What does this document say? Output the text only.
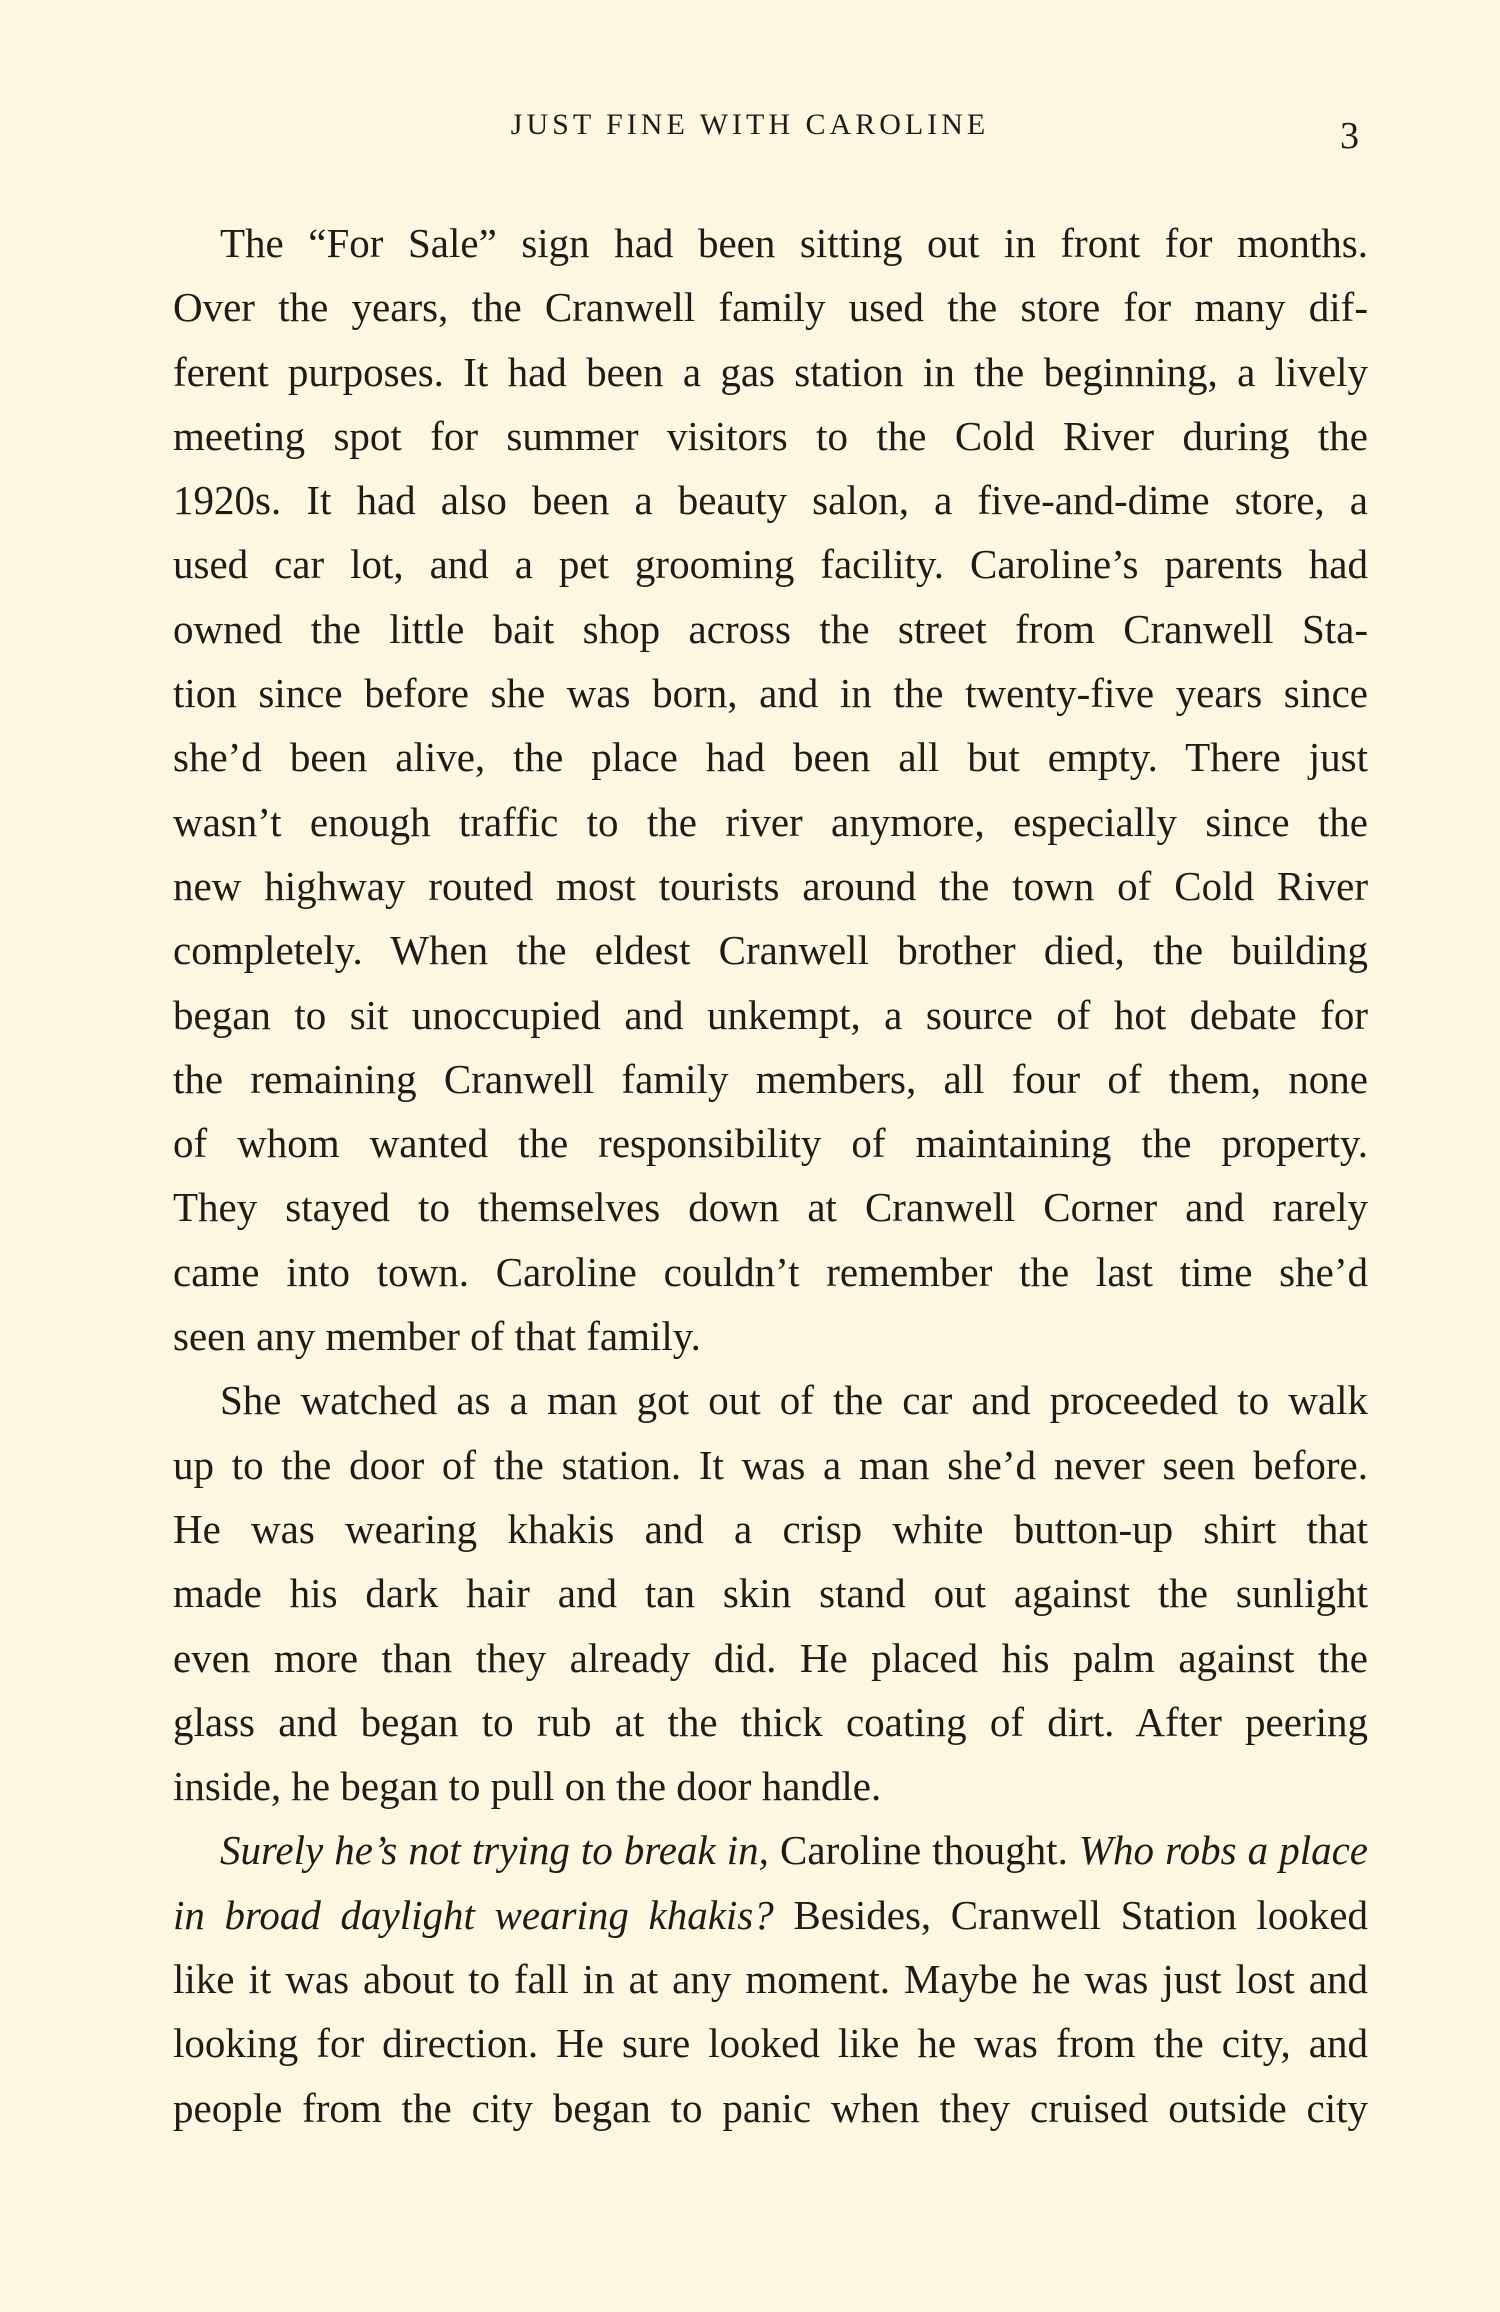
JUST FINE WITH CAROLINE	3
The “For Sale” sign had been sitting out in front for months.
Over the years, the Cranwell family used the store for many dif-
ferent purposes. It had been a gas station in the beginning, a lively
meeting spot for summer visitors to the Cold River during the
1920s. It had also been a beauty salon, a five-and-dime store, a
used car lot, and a pet grooming facility. Caroline’s parents had
owned the little bait shop across the street from Cranwell Sta-
tion since before she was born, and in the twenty-five years since
she’d been alive, the place had been all but empty. There just
wasn’t enough traffic to the river anymore, especially since the
new highway routed most tourists around the town of Cold River
completely. When the eldest Cranwell brother died, the building
began to sit unoccupied and unkempt, a source of hot debate for
the remaining Cranwell family members, all four of them, none
of whom wanted the responsibility of maintaining the property.
They stayed to themselves down at Cranwell Corner and rarely
came into town. Caroline couldn’t remember the last time she’d
seen any member of that family.
She watched as a man got out of the car and proceeded to walk
up to the door of the station. It was a man she’d never seen before.
He was wearing khakis and a crisp white button-up shirt that
made his dark hair and tan skin stand out against the sunlight
even more than they already did. He placed his palm against the
glass and began to rub at the thick coating of dirt. After peering
inside, he began to pull on the door handle.
Surely he’s not trying to break in, Caroline thought. Who robs a place
in broad daylight wearing khakis? Besides, Cranwell Station looked
like it was about to fall in at any moment. Maybe he was just lost and
looking for direction. He sure looked like he was from the city, and
people from the city began to panic when they cruised outside city
